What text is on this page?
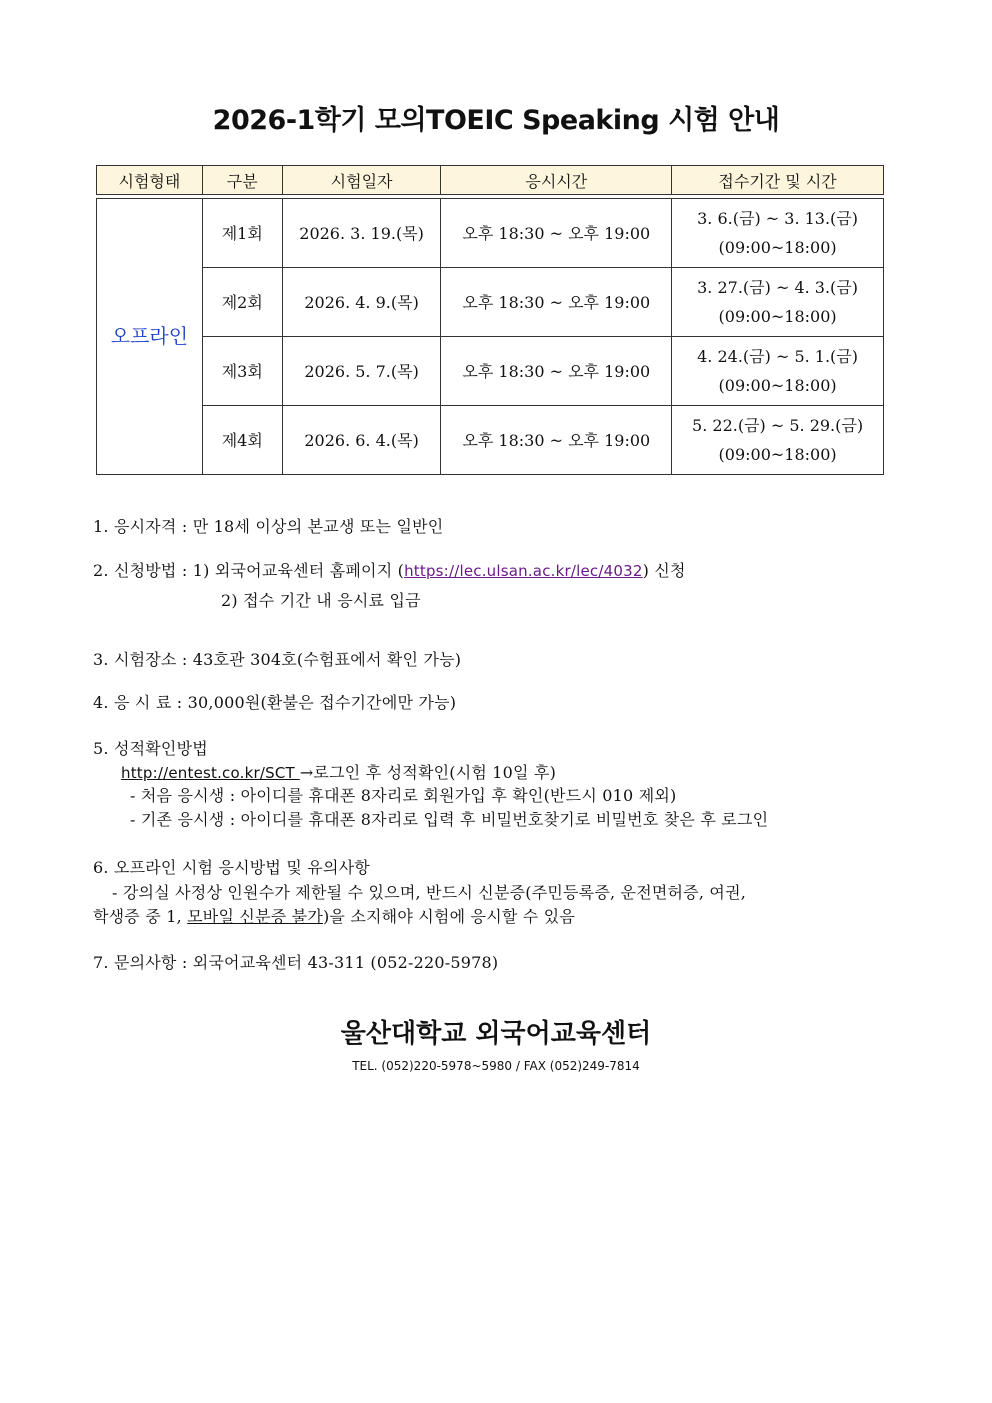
2026-1학기 모의TOEIC Speaking 시험 안내
시험형태	구분	시험일자	응시시간	접수기간 및 시간

오프라인	제1회	2026. 3. 19.(목)	오후 18:30 ~ 오후 19:00	3. 6.(금) ~ 3. 13.(금)
(09:00~18:00)

	제2회	2026. 4. 9.(목)	오후 18:30 ~ 오후 19:00	3. 27.(금) ~ 4. 3.(금)
(09:00~18:00)

	제3회	2026. 5. 7.(목)	오후 18:30 ~ 오후 19:00	4. 24.(금) ~ 5. 1.(금)
(09:00~18:00)

	제4회	2026. 6. 4.(목)	오후 18:30 ~ 오후 19:00	5. 22.(금) ~ 5. 29.(금)
(09:00~18:00)
1. 응시자격 : 만 18세 이상의 본교생 또는 일반인
2. 신청방법 : 1) 외국어교육센터 홈페이지 (https://lec.ulsan.ac.kr/lec/4032) 신청
2) 접수 기간 내 응시료 입금
3. 시험장소 : 43호관 304호(수험표에서 확인 가능)
4. 응 시 료 : 30,000원(환불은 접수기간에만 가능)
5. 성적확인방법
http://entest.co.kr/SCT →로그인 후 성적확인(시험 10일 후)
- 처음 응시생 : 아이디를 휴대폰 8자리로 회원가입 후 확인(반드시 010 제외)
- 기존 응시생 : 아이디를 휴대폰 8자리로 입력 후 비밀번호찾기로 비밀번호 찾은 후 로그인
6. 오프라인 시험 응시방법 및 유의사항
- 강의실 사정상 인원수가 제한될 수 있으며, 반드시 신분증(주민등록증, 운전면허증, 여권,
학생증 중 1, 모바일 신분증 불가)을 소지해야 시험에 응시할 수 있음
7. 문의사항 : 외국어교육센터 43-311 (052-220-5978)
울산대학교 외국어교육센터
TEL. (052)220-5978~5980 / FAX (052)249-7814
